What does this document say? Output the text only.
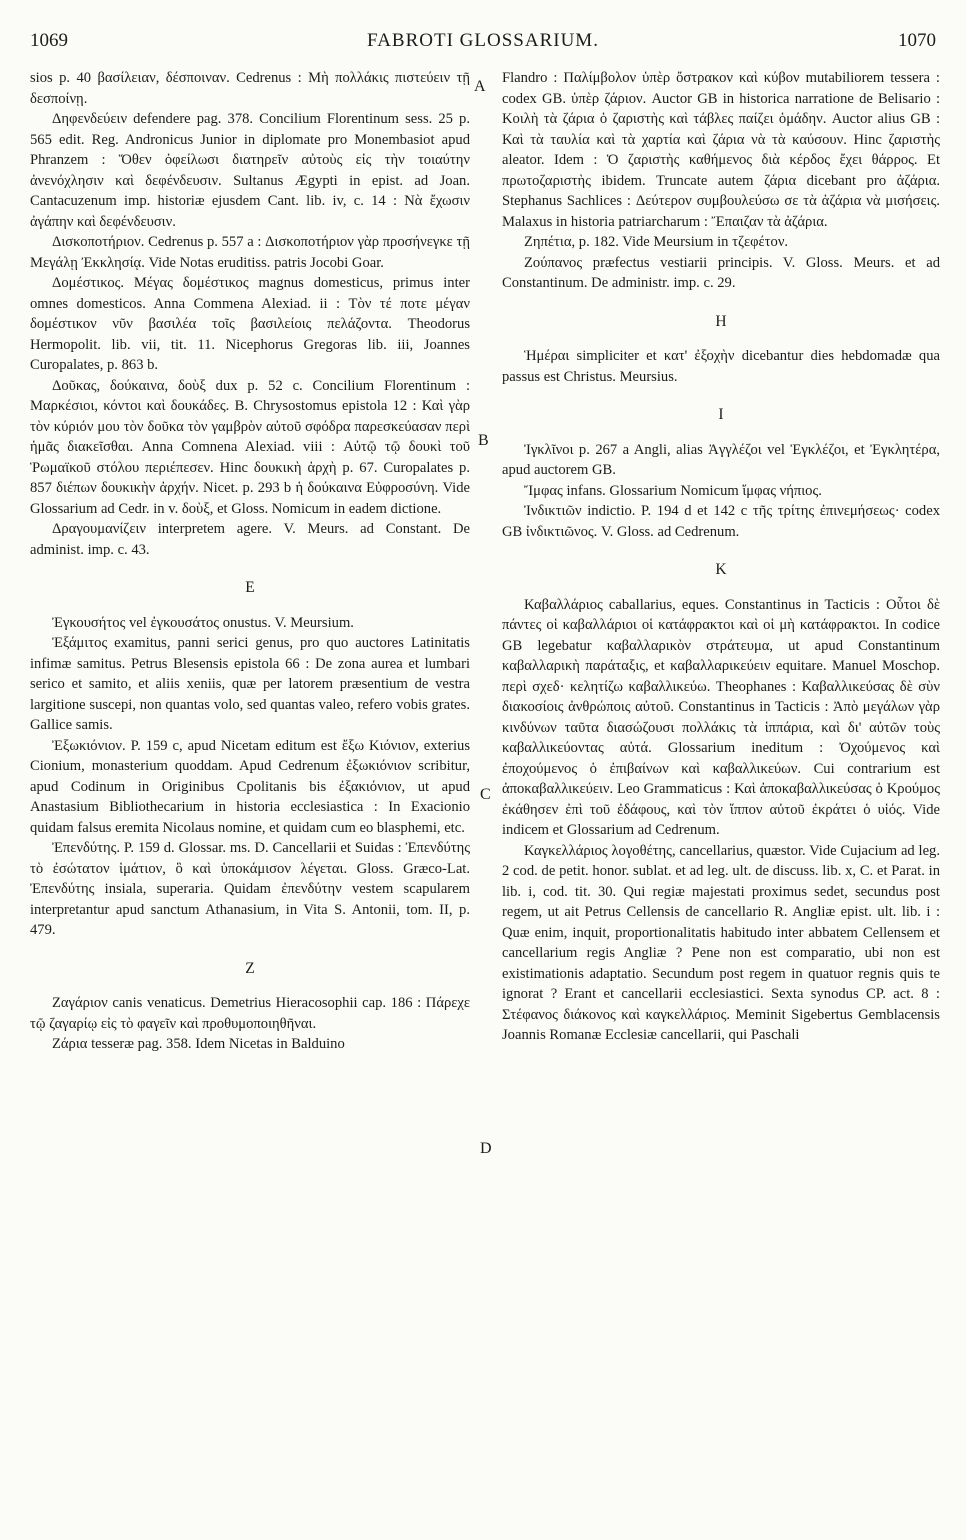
1069	FABROTI GLOSSARIUM.	1070
A
B
C
D

sios p. 40 βασίλειαν, δέσποιναν. Cedrenus : Μὴ πολλάκις πιστεύειν τῇ δεσποίνῃ.

Δηφενδεύειν defendere pag. 378. Concilium Florentinum sess. 25 p. 565 edit. Reg. Andronicus Junior in diplomate pro Monembasiot apud Phranzem : Ὅθεν ὀφείλωσι διατηρεῖν αὐτοὺς εἰς τὴν τοιαύτην ἀνενόχλησιν καὶ δεφένδευσιν. Sultanus Ægypti in epist. ad Joan. Cantacuzenum imp. historiæ ejusdem Cant. lib. iv, c. 14 : Νὰ ἔχωσιν ἀγάπην καὶ δεφένδευσιν.

Δισκοποτήριον. Cedrenus p. 557 a : Δισκοποτήριον γὰρ προσήνεγκε τῇ Μεγάλῃ Ἐκκλησίᾳ. Vide Notas eruditiss. patris Jocobi Goar.

Δομέστικος. Μέγας δομέστικος magnus domesticus, primus inter omnes domesticos. Anna Commena Alexiad. ii : Τὸν τέ ποτε μέγαν δομέστικον νῦν βασιλέα τοῖς βασιλείοις πελάζοντα. Theodorus Hermopolit. lib. vii, tit. 11. Nicephorus Gregoras lib. iii, Joannes Curopalates, p. 863 b.

Δοῦκας, δούκαινα, δοὺξ dux p. 52 c. Concilium Florentinum : Μαρκέσιοι, κόντοι καὶ δουκάδες. B. Chrysostomus epistola 12 : Καὶ γὰρ τὸν κύριόν μου τὸν δοῦκα τὸν γαμβρὸν αὐτοῦ σφόδρα παρεσκεύασαν περὶ ἡμᾶς διακεῖσθαι. Anna Comnena Alexiad. viii : Αὐτῷ τῷ δουκὶ τοῦ Ῥωμαϊκοῦ στόλου περιέπεσεν. Hinc δουκικὴ ἀρχὴ p. 67. Curopalates p. 857 διέπων δουκικὴν ἀρχήν. Nicet. p. 293 b ἡ δούκαινα Εὐφροσύνη. Vide Glossarium ad Cedr. in v. δοὺξ, et Gloss. Nomicum in eadem dictione.

Δραγουμανίζειν interpretem agere. V. Meurs. ad Constant. De administ. imp. c. 43.

E

Ἐγκουσήτος vel ἐγκουσάτος onustus. V. Meursium.

Ἐξάμιτος examitus, panni serici genus, pro quo auctores Latinitatis infimæ samitus. Petrus Blesensis epistola 66 : De zona aurea et lumbari serico et samito, et aliis xeniis, quæ per latorem præsentium de vestra largitione suscepi, non quantas volo, sed quantas valeo, refero vobis grates. Gallice samis.

Ἐξωκιόνιον. P. 159 c, apud Nicetam editum est ἔξω Κιόνιον, exterius Cionium, monasterium quoddam. Apud Cedrenum ἐξωκιόνιον scribitur, apud Codinum in Originibus Cpolitanis bis ἐξακιόνιον, ut apud Anastasium Bibliothecarium in historia ecclesiastica : In Exacionio quidam falsus eremita Nicolaus nomine, et quidam cum eo blasphemi, etc.

Ἐπενδύτης. P. 159 d. Glossar. ms. D. Cancellarii et Suidas : Ἐπενδύτης τὸ ἐσώτατον ἱμάτιον, ὃ καὶ ὑποκάμισον λέγεται. Gloss. Græco-Lat. Ἐπενδύτης insiala, superaria. Quidam ἐπενδύτην vestem scapularem interpretantur apud sanctum Athanasium, in Vita S. Antonii, tom. II, p. 479.

Z

Ζαγάριον canis venaticus. Demetrius Hieracosophii cap. 186 : Πάρεχε τῷ ζαγαρίῳ εἰς τὸ φαγεῖν καὶ προθυμοποιηθῆναι.

Ζάρια tesseræ pag. 358. Idem Nicetas in Balduino

Flandro : Παλίμβολον ὑπὲρ ὄστρακον καὶ κύβον mutabiliorem tessera : codex GB. ὑπὲρ ζάριον. Auctor GB in historica narratione de Belisario : Κοιλὴ τὰ ζάρια ὁ ζαριστὴς καὶ τάβλες παίζει ὁμάδην. Auctor alius GB : Καὶ τὰ ταυλία καὶ τὰ χαρτία καὶ ζάρια νὰ τὰ καύσουν. Hinc ζαριστὴς aleator. Idem : Ὁ ζαριστὴς καθήμενος διὰ κέρδος ἔχει θάρρος. Et πρωτοζαριστὴς ibidem. Truncate autem ζάρια dicebant pro ἀζάρια. Stephanus Sachlices : Δεύτερον συμβουλεύσω σε τὰ ἀζάρια νὰ μισήσεις. Malaxus in historia patriarcharum : Ἔπαιζαν τὰ ἀζάρια.

Ζηπέτια, p. 182. Vide Meursium in τζεφέτον.

Ζούπανος præfectus vestiarii principis. V. Gloss. Meurs. et ad Constantinum. De administr. imp. c. 29.

H

Ἡμέραι simpliciter et κατ' ἐξοχὴν dicebantur dies hebdomadæ qua passus est Christus. Meursius.

I

Ἰγκλῖνοι p. 267 a Angli, alias Ἀγγλέζοι vel Ἐγκλέζοι, et Ἐγκλητέρα, apud auctorem GB.

Ἴμφας infans. Glossarium Nomicum ἴμφας νήπιος.

Ἰνδικτιῶν indictio. P. 194 d et 142 c τῆς τρίτης ἐπινεμήσεως· codex GB ἰνδικτιῶνος. V. Gloss. ad Cedrenum.

K

Καβαλλάριος caballarius, eques. Constantinus in Tacticis : Οὗτοι δὲ πάντες οἱ καβαλλάριοι οἱ κατάφρακτοι καὶ οἱ μὴ κατάφρακτοι. In codice GB legebatur καβαλλαρικὸν στράτευμα, ut apud Constantinum καβαλλαρικὴ παράταξις, et καβαλλαρικεύειν equitare. Manuel Moschop. περὶ σχεδ· κελητίζω καβαλλικεύω. Theophanes : Καβαλλικεύσας δὲ σὺν διακοσίοις ἀνθρώποις αὐτοῦ. Constantinus in Tacticis : Ἀπὸ μεγάλων γὰρ κινδύνων ταῦτα διασώζουσι πολλάκις τὰ ἱππάρια, καὶ δι' αὐτῶν τοὺς καβαλλικεύοντας αὐτά. Glossarium ineditum : Ὀχούμενος καὶ ἐποχούμενος ὁ ἐπιβαίνων καὶ καβαλλικεύων. Cui contrarium est ἀποκαβαλλικεύειν. Leo Grammaticus : Καὶ ἀποκαβαλλικεύσας ὁ Κρούμος ἐκάθησεν ἐπὶ τοῦ ἐδάφους, καὶ τὸν ἵππον αὐτοῦ ἐκράτει ὁ υἱός. Vide indicem et Glossarium ad Cedrenum.

Καγκελλάριος λογοθέτης, cancellarius, quæstor. Vide Cujacium ad leg. 2 cod. de petit. honor. sublat. et ad leg. ult. de discuss. lib. x, C. et Parat. in lib. i, cod. tit. 30. Qui regiæ majestati proximus sedet, secundus post regem, ut ait Petrus Cellensis de cancellario R. Angliæ epist. ult. lib. i : Quæ enim, inquit, proportionalitatis habitudo inter abbatem Cellensem et cancellarium regis Angliæ ? Pene non est comparatio, ubi non est existimationis adaptatio. Secundum post regem in quatuor regnis quis te ignorat ? Erant et cancellarii ecclesiastici. Sexta synodus CP. act. 8 : Στέφανος διάκονος καὶ καγκελλάριος. Meminit Sigebertus Gemblacensis Joannis Romanæ Ecclesiæ cancellarii, qui Paschali
